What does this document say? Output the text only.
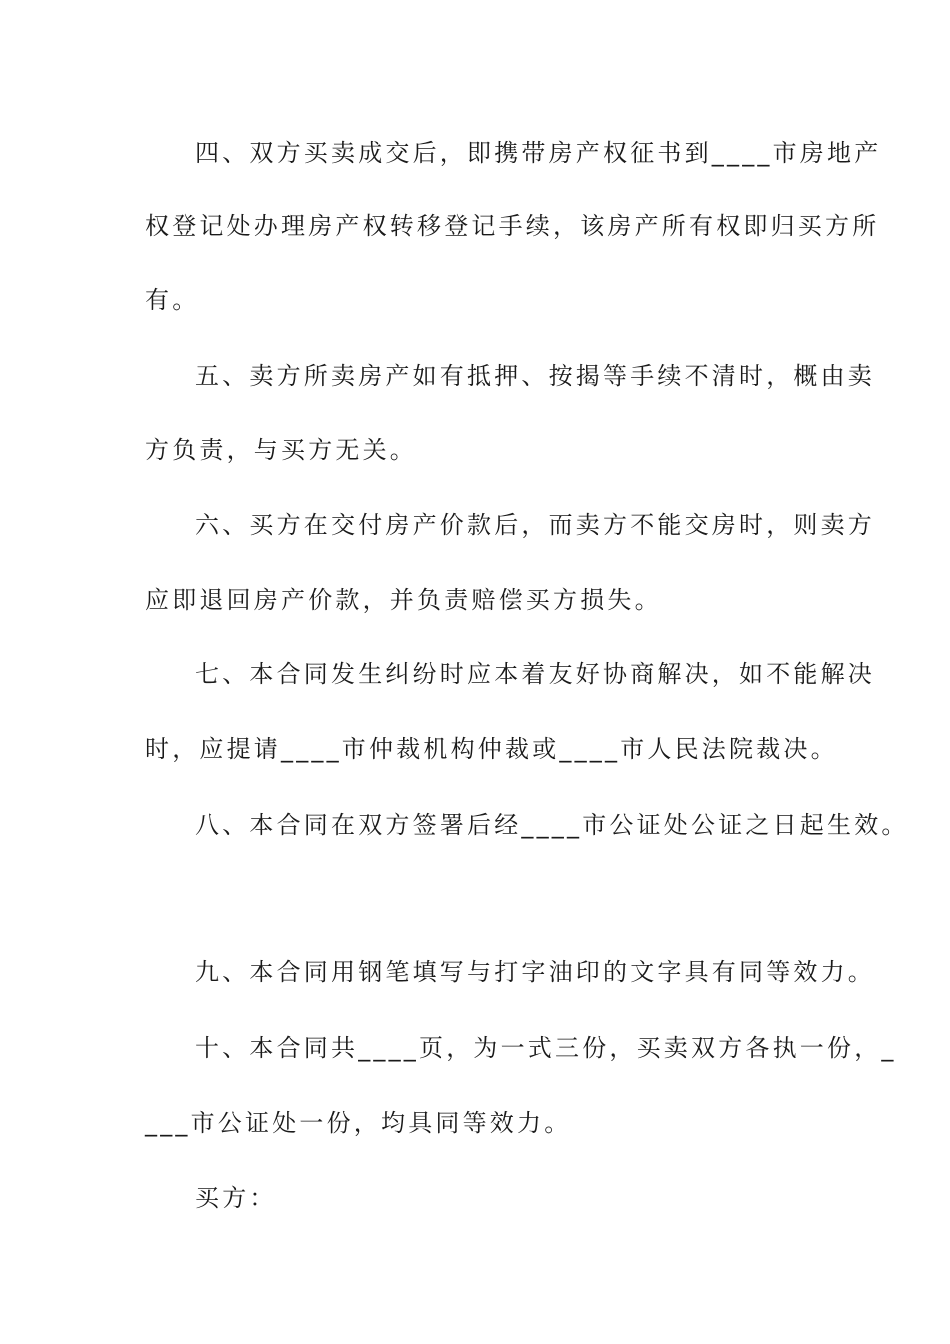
四、双方买卖成交后，即携带房产权征书到____市房地产
权登记处办理房产权转移登记手续，该房产所有权即归买方所
有。
五、卖方所卖房产如有抵押、按揭等手续不清时，概由卖
方负责，与买方无关。
六、买方在交付房产价款后，而卖方不能交房时，则卖方
应即退回房产价款，并负责赔偿买方损失。
七、本合同发生纠纷时应本着友好协商解决，如不能解决
时，应提请____市仲裁机构仲裁或____市人民法院裁决。
八、本合同在双方签署后经____市公证处公证之日起生效。
九、本合同用钢笔填写与打字油印的文字具有同等效力。
十、本合同共____页，为一式三份，买卖双方各执一份，_
___市公证处一份，均具同等效力。
买方：
